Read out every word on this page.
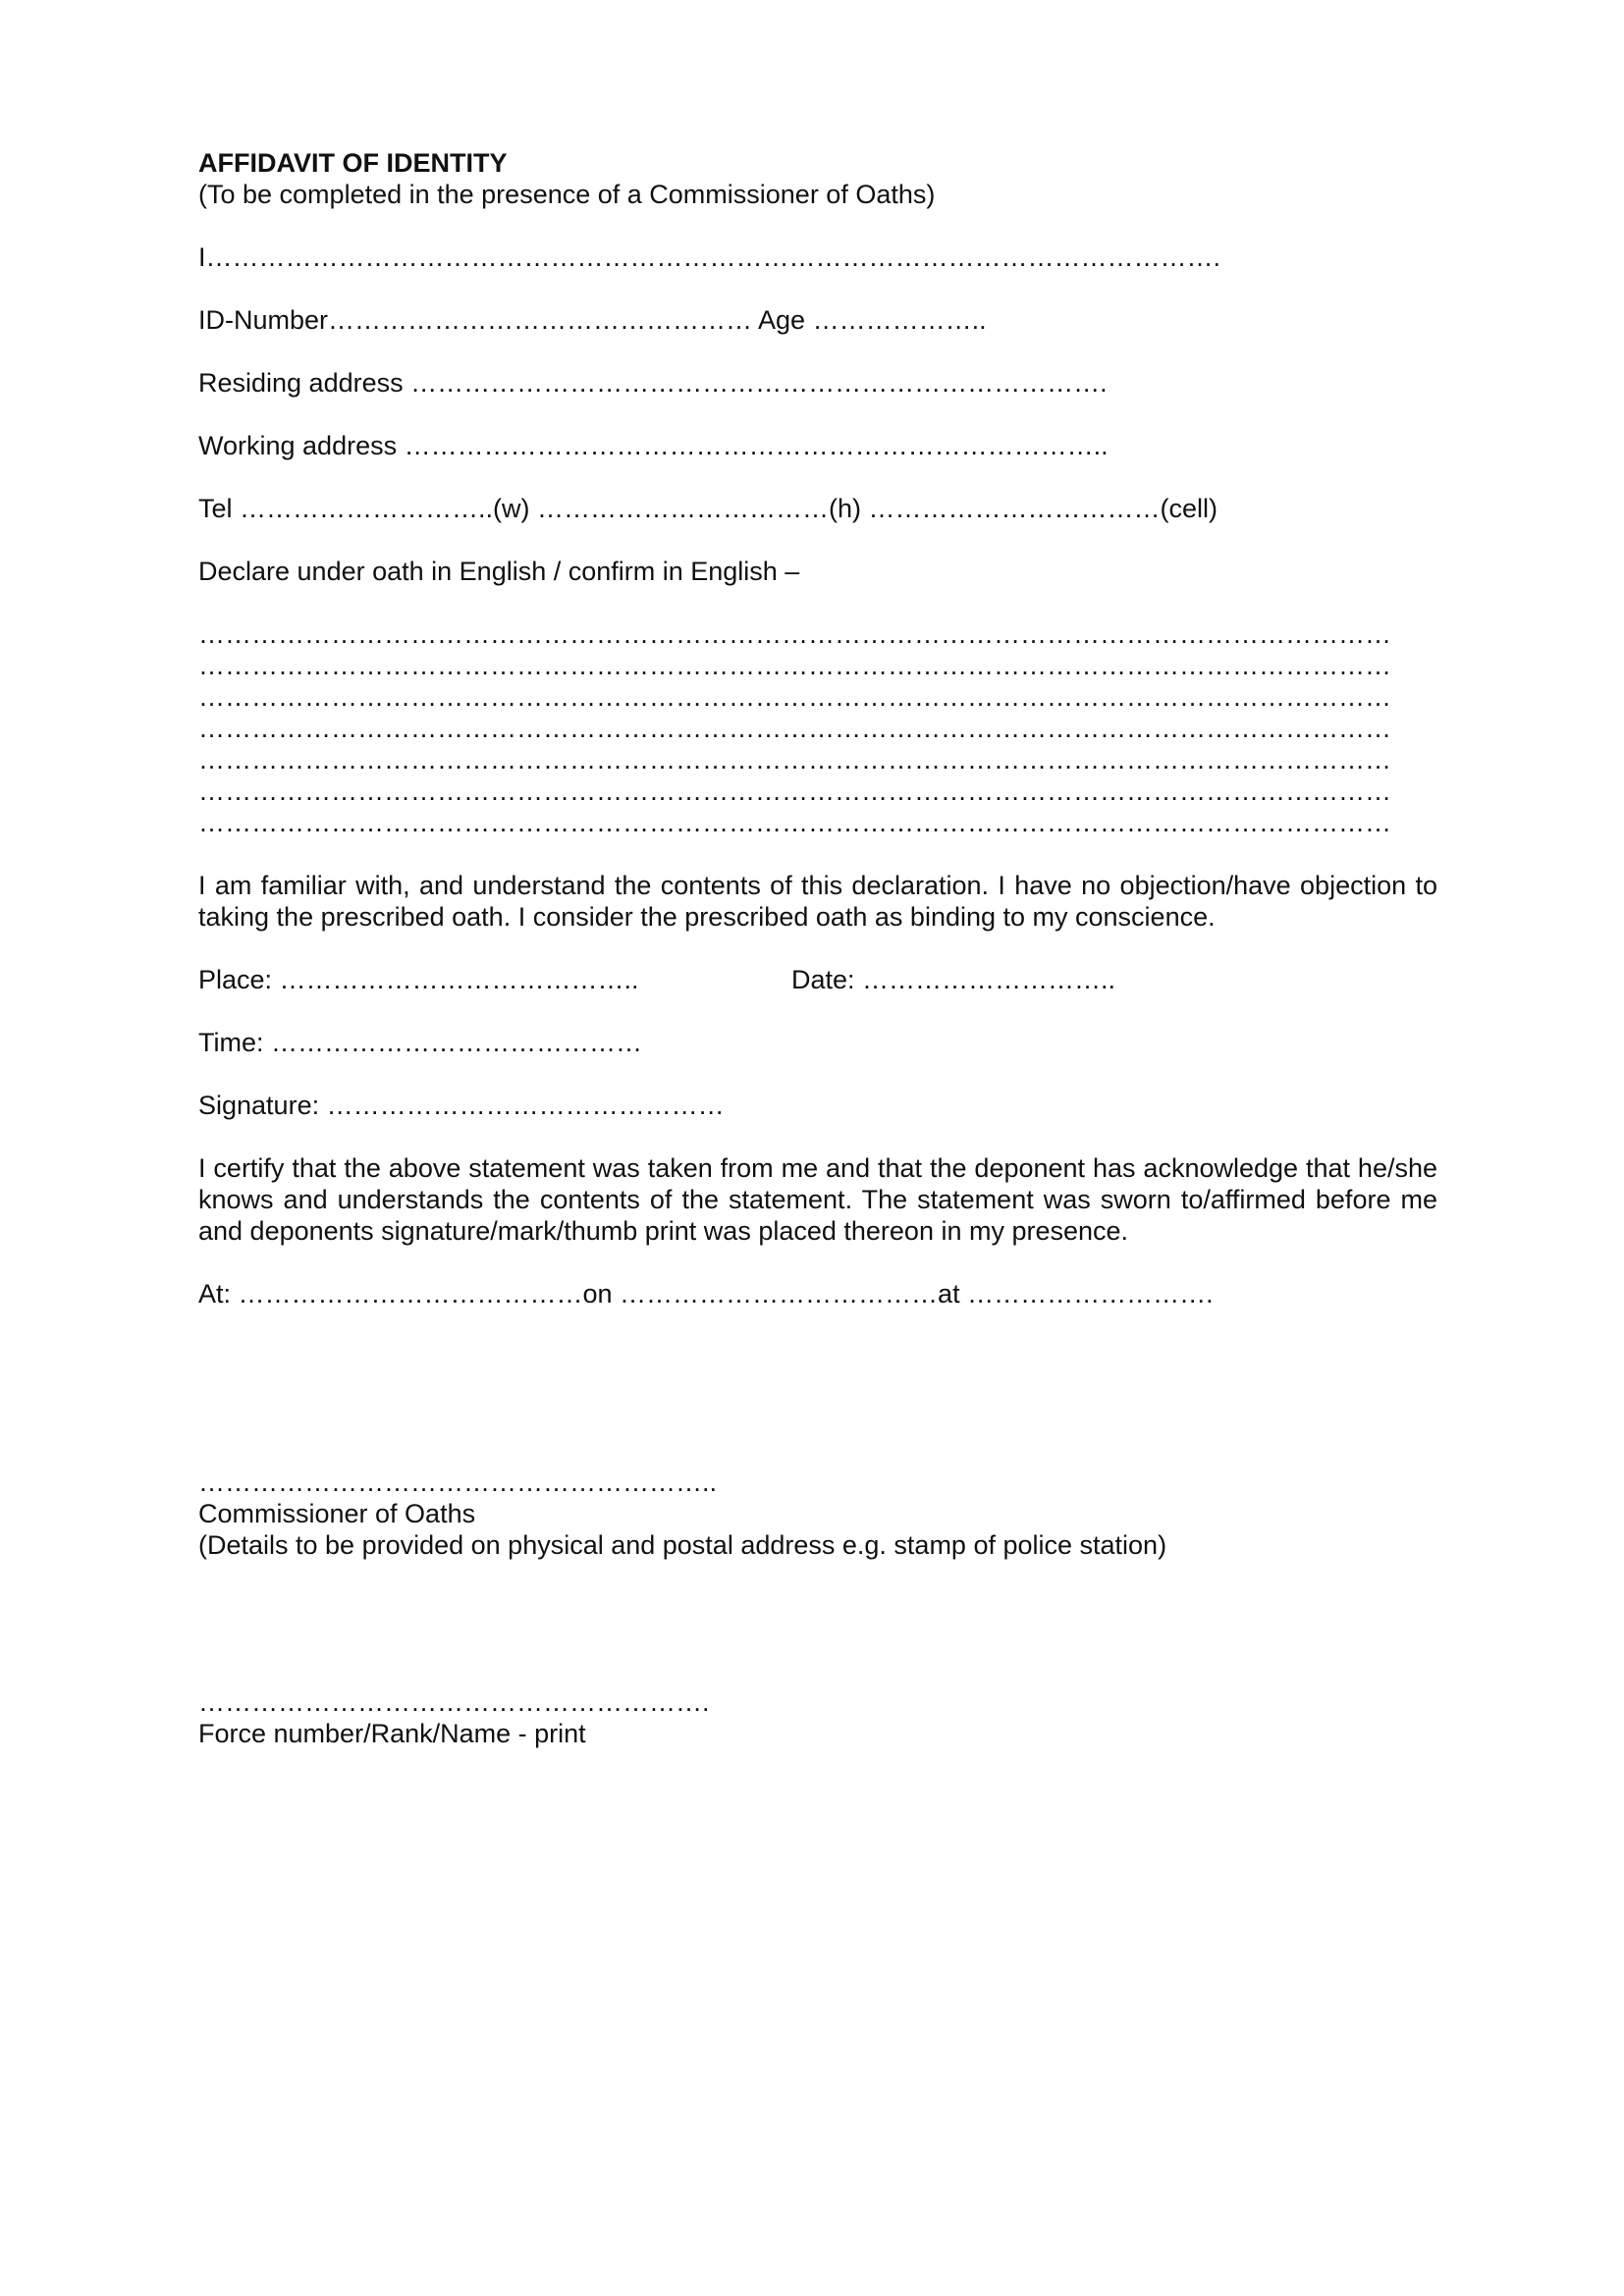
AFFIDAVIT OF IDENTITY
(To be completed in the presence of a Commissioner of Oaths)
I…………………………………………………………………………………………………….
ID-Number………………………………………… Age ………………..
Residing address …………………………………………………………………….
Working address ……………………………………………………………………..
Tel ………………………..(w) ……………………………(h) ……………………………(cell)
Declare under oath in English / confirm in English –
………………………………………………………………………………………………………………………
………………………………………………………………………………………………………………………
………………………………………………………………………………………………………………………
………………………………………………………………………………………………………………………
………………………………………………………………………………………………………………………
………………………………………………………………………………………………………………………
………………………………………………………………………………………………………………………
I am familiar with, and understand the contents of this declaration. I have no objection/have objection to taking the prescribed oath. I consider the prescribed oath as binding to my conscience.
Place: …………………………………..	Date: ………………………..
Time: ……………………………………
Signature: ………………………………………
I certify that the above statement was taken from me and that the deponent has acknowledge that he/she knows and understands the contents of the statement. The statement was sworn to/affirmed before me and deponents signature/mark/thumb print was placed thereon in my presence.
At: …………………………………on ………………………………at ……………………….
…………………………………………………..
Commissioner of Oaths
(Details to be provided on physical and postal address e.g. stamp of police station)
………………………………………………….
Force number/Rank/Name - print
